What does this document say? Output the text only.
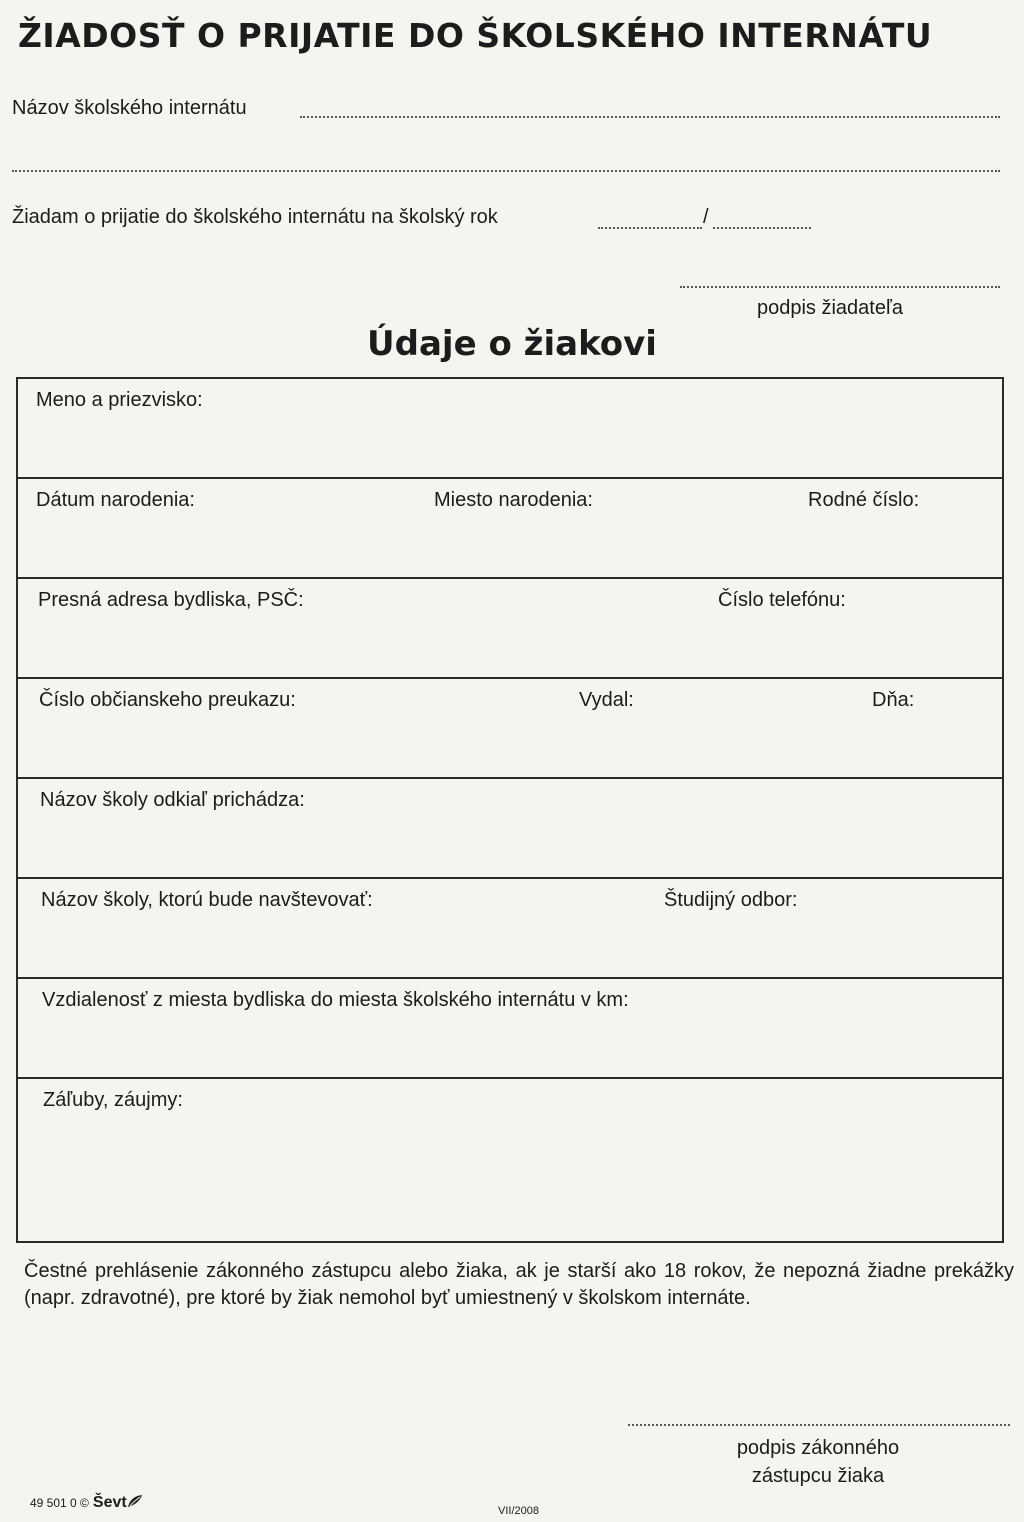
ŽIADOSŤ O PRIJATIE DO ŠKOLSKÉHO INTERNÁTU
Názov školského internátu
Žiadam o prijatie do školského internátu na školský rok	/
podpis žiadateľa
Údaje o žiakovi
Meno a priezvisko:
Dátum narodenia:	Miesto narodenia:	Rodné číslo:
Presná adresa bydliska, PSČ:	Číslo telefónu:
Číslo občianskeho preukazu:	Vydal:	Dňa:
Názov školy odkiaľ prichádza:
Názov školy, ktorú bude navštevovať:	Študijný odbor:
Vzdialenosť z miesta bydliska do miesta školského internátu v km:
Záľuby, záujmy:
Čestné prehlásenie zákonného zástupcu alebo žiaka, ak je starší ako 18 rokov, že nepozná žiadne prekážky (napr. zdravotné), pre ktoré by žiak nemohol byť umiestnený v školskom internáte.
podpis zákonného
zástupcu žiaka
49 501 0 © Ševt	VII/2008
